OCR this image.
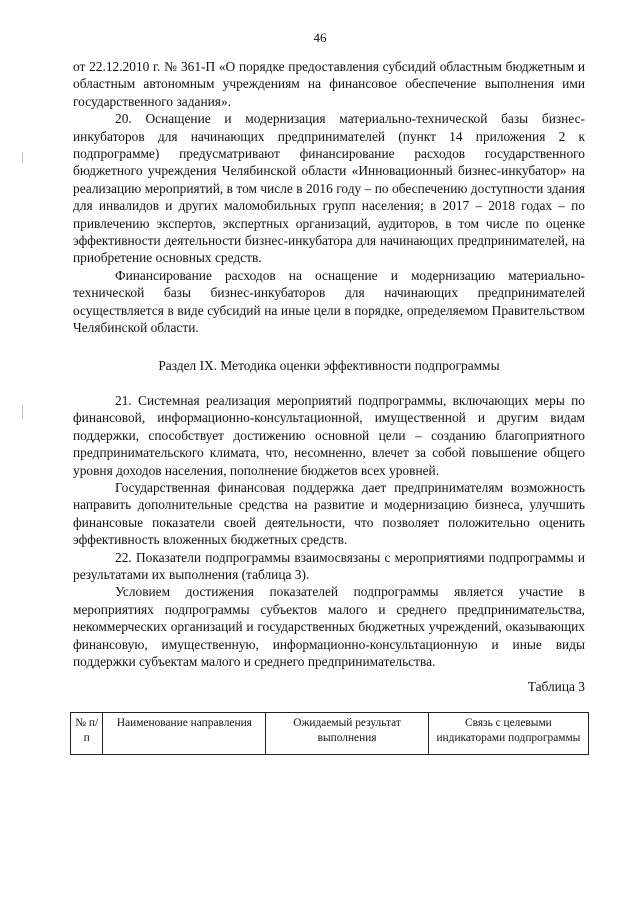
46

от 22.12.2010 г. № 361-П «О порядке предоставления субсидий областным бюджетным и областным автономным учреждениям на финансовое обеспечение выполнения ими государственного задания».

20. Оснащение и модернизация материально-технической базы бизнес-инкубаторов для начинающих предпринимателей (пункт 14 приложения 2 к подпрограмме) предусматривают финансирование расходов государственного бюджетного учреждения Челябинской области «Инновационный бизнес-инкубатор» на реализацию мероприятий, в том числе в 2016 году – по обеспечению доступности здания для инвалидов и других маломобильных групп населения; в 2017 – 2018 годах – по привлечению экспертов, экспертных организаций, аудиторов, в том числе по оценке эффективности деятельности бизнес-инкубатора для начинающих предпринимателей, на приобретение основных средств.

Финансирование расходов на оснащение и модернизацию материально-технической базы бизнес-инкубаторов для начинающих предпринимателей осуществляется в виде субсидий на иные цели в порядке, определяемом Правительством Челябинской области.

Раздел IX. Методика оценки эффективности подпрограммы

21. Системная реализация мероприятий подпрограммы, включающих меры по финансовой, информационно-консультационной, имущественной и другим видам поддержки, способствует достижению основной цели – созданию благоприятного предпринимательского климата, что, несомненно, влечет за собой повышение общего уровня доходов населения, пополнение бюджетов всех уровней.

Государственная финансовая поддержка дает предпринимателям возможность направить дополнительные средства на развитие и модернизацию бизнеса, улучшить финансовые показатели своей деятельности, что позволяет положительно оценить эффективность вложенных бюджетных средств.

22. Показатели подпрограммы взаимосвязаны с мероприятиями подпрограммы и результатами их выполнения (таблица 3).

Условием достижения показателей подпрограммы является участие в мероприятиях подпрограммы субъектов малого и среднего предпринимательства, некоммерческих организаций и государственных бюджетных учреждений, оказывающих финансовую, имущественную, информационно-консультационную и иные виды поддержки субъектам малого и среднего предпринимательства.

Таблица 3
№ п/п	Наименование направления	Ожидаемый результат выполнения	Связь с целевыми индикаторами подпрограммы
